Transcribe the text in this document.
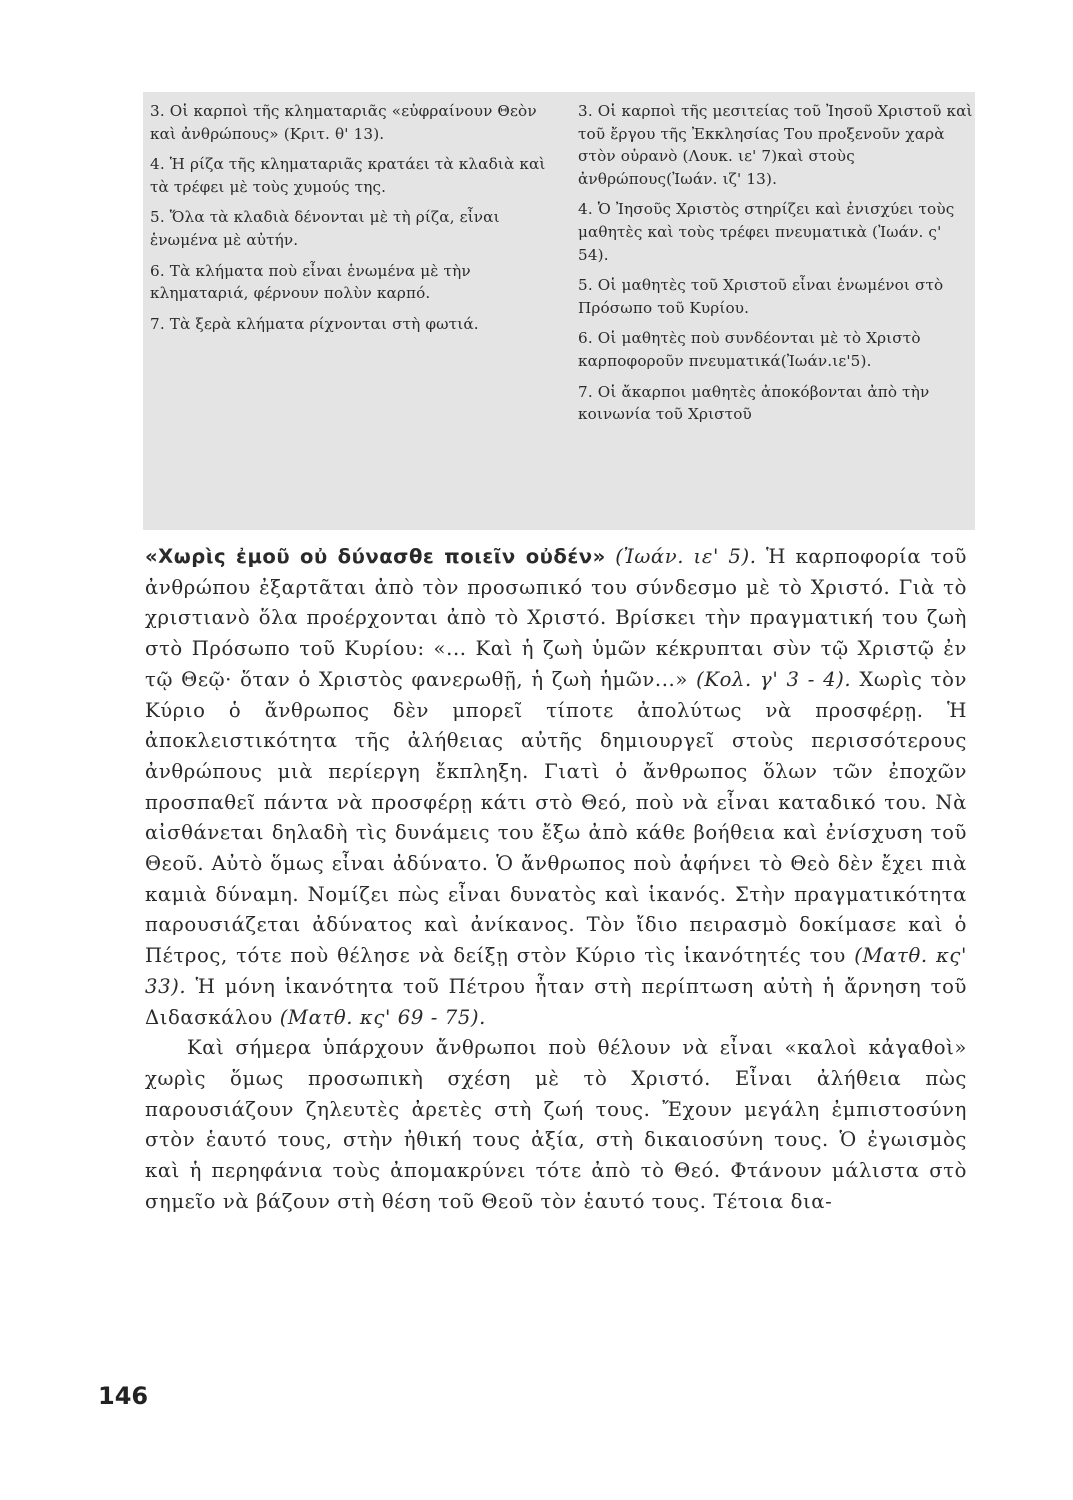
3. Οἱ καρποὶ τῆς κληματαριᾶς «εὐφραίνουν Θεὸν καὶ ἀνθρώπους» (Κριτ. θ' 13).
4. Ἡ ρίζα τῆς κληματαριᾶς κρατάει τὰ κλαδιὰ καὶ τὰ τρέφει μὲ τοὺς χυμούς της.
5. Ὅλα τὰ κλαδιὰ δένονται μὲ τὴ ρίζα, εἶναι ἑνωμένα μὲ αὐτήν.
6. Τὰ κλήματα ποὺ εἶναι ἑνωμένα μὲ τὴν κληματαριά, φέρνουν πολὺν καρπό.
7. Τὰ ξερὰ κλήματα ρίχνονται στὴ φωτιά.
3. Οἱ καρποὶ τῆς μεσιτείας τοῦ Ἰησοῦ Χριστοῦ καὶ τοῦ ἔργου τῆς Ἐκκλησίας Του προξενοῦν χαρὰ στὸν οὐρανὸ (Λουκ. ιε' 7)καὶ στοὺς ἀνθρώπους(Ἰωάν. ιζ' 13).
4. Ὁ Ἰησοῦς Χριστὸς στηρίζει καὶ ἐνισχύει τοὺς μαθητὲς καὶ τοὺς τρέφει πνευματικὰ (Ἰωάν. ς' 54).
5. Οἱ μαθητὲς τοῦ Χριστοῦ εἶναι ἑνωμένοι στὸ Πρόσωπο τοῦ Κυρίου.
6. Οἱ μαθητὲς ποὺ συνδέονται μὲ τὸ Χριστὸ καρποφοροῦν πνευματικά(Ἰωάν.ιε'5).
7. Οἱ ἄκαρποι μαθητὲς ἀποκόβονται ἀπὸ τὴν κοινωνία τοῦ Χριστοῦ

«Χωρὶς ἐμοῦ οὐ δύνασθε ποιεῖν οὐδέν» (Ἰωάν. ιε' 5). Ἡ καρποφορία τοῦ ἀνθρώπου ἐξαρτᾶται ἀπὸ τὸν προσωπικό του σύνδεσμο μὲ τὸ Χριστό. Γιὰ τὸ χριστιανὸ ὅλα προέρχονται ἀπὸ τὸ Χριστό. Βρίσκει τὴν πραγματική του ζωὴ στὸ Πρόσωπο τοῦ Κυρίου: «... Καὶ ἡ ζωὴ ὑμῶν κέκρυπται σὺν τῷ Χριστῷ ἐν τῷ Θεῷ· ὅταν ὁ Χριστὸς φανερωθῇ, ἡ ζωὴ ἡμῶν...» (Κολ. γ' 3 - 4). Χωρὶς τὸν Κύριο ὁ ἄνθρωπος δὲν μπορεῖ τίποτε ἀπολύτως νὰ προσφέρῃ. Ἡ ἀποκλειστικότητα τῆς ἀλήθειας αὐτῆς δημιουργεῖ στοὺς περισσότερους ἀνθρώπους μιὰ περίεργη ἔκπληξη. Γιατὶ ὁ ἄνθρωπος ὅλων τῶν ἐποχῶν προσπαθεῖ πάντα νὰ προσφέρῃ κάτι στὸ Θεό, ποὺ νὰ εἶναι καταδικό του. Νὰ αἰσθάνεται δηλαδὴ τὶς δυνάμεις του ἔξω ἀπὸ κάθε βοήθεια καὶ ἐνίσχυση τοῦ Θεοῦ. Αὐτὸ ὅμως εἶναι ἀδύνατο. Ὁ ἄνθρωπος ποὺ ἀφήνει τὸ Θεὸ δὲν ἔχει πιὰ καμιὰ δύναμη. Νομίζει πὼς εἶναι δυνατὸς καὶ ἱκανός. Στὴν πραγματικότητα παρουσιάζεται ἀδύνατος καὶ ἀνίκανος. Τὸν ἴδιο πειρασμὸ δοκίμασε καὶ ὁ Πέτρος, τότε ποὺ θέλησε νὰ δείξῃ στὸν Κύριο τὶς ἱκανότητές του (Ματθ. κς' 33). Ἡ μόνη ἱκανότητα τοῦ Πέτρου ἦταν στὴ περίπτωση αὐτὴ ἡ ἄρνηση τοῦ Διδασκάλου (Ματθ. κς' 69 - 75).

Καὶ σήμερα ὑπάρχουν ἄνθρωποι ποὺ θέλουν νὰ εἶναι «καλοὶ κἀγαθοὶ» χωρὶς ὅμως προσωπικὴ σχέση μὲ τὸ Χριστό. Εἶναι ἀλήθεια πὼς παρουσιάζουν ζηλευτὲς ἀρετὲς στὴ ζωή τους. Ἔχουν μεγάλη ἐμπιστοσύνη στὸν ἑαυτό τους, στὴν ἠθική τους ἀξία, στὴ δικαιοσύνη τους. Ὁ ἐγωισμὸς καὶ ἡ περηφάνια τοὺς ἀπομακρύνει τότε ἀπὸ τὸ Θεό. Φτάνουν μάλιστα στὸ σημεῖο νὰ βάζουν στὴ θέση τοῦ Θεοῦ τὸν ἑαυτό τους. Τέτοια δια-

146
